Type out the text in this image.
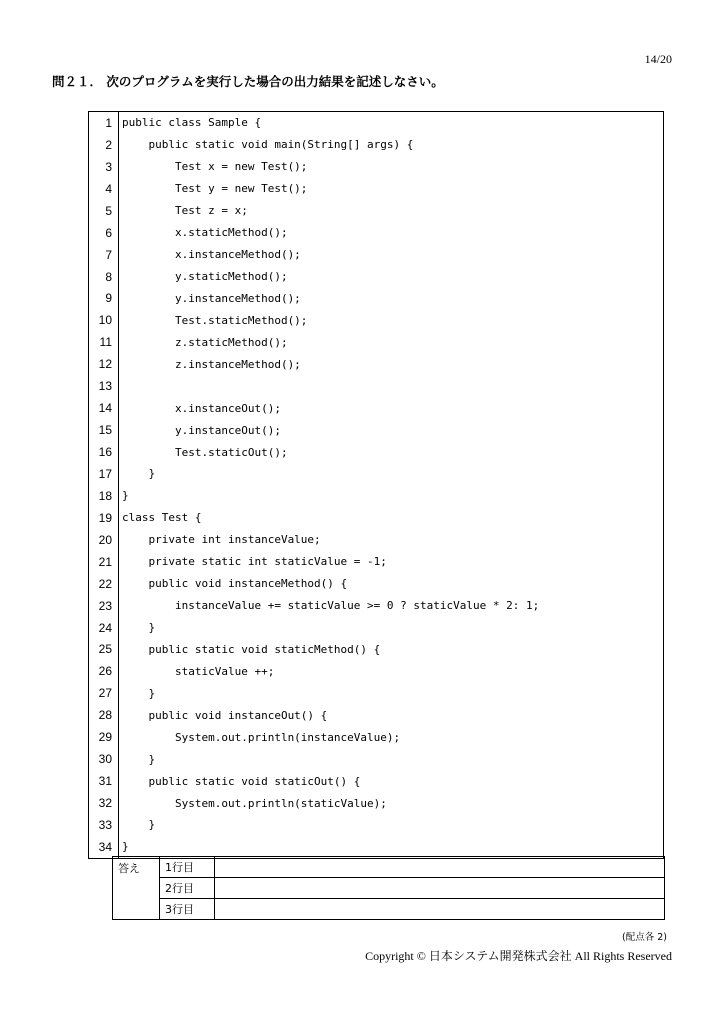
14/20
問２１． 次のプログラムを実行した場合の出力結果を記述しなさい。
1	public class Sample {
2	public static void main(String[] args) {
3	Test x = new Test();
4	Test y = new Test();
5	Test z = x;
6	x.staticMethod();
7	x.instanceMethod();
8	y.staticMethod();
9	y.instanceMethod();
10	Test.staticMethod();
11	z.staticMethod();
12	z.instanceMethod();
13	
14	x.instanceOut();
15	y.instanceOut();
16	Test.staticOut();
17	}
18	}
19	class Test {
20	private int instanceValue;
21	private static int staticValue = -1;
22	public void instanceMethod() {
23	instanceValue += staticValue >= 0 ? staticValue * 2: 1;
24	}
25	public static void staticMethod() {
26	staticValue ++;
27	}
28	public void instanceOut() {
29	System.out.println(instanceValue);
30	}
31	public static void staticOut() {
32	System.out.println(staticValue);
33	}
34	}
答え	1行目	
	2行目	
	3行目	
(配点各 2)
Copyright © 日本システム開発株式会社 All Rights Reserved
